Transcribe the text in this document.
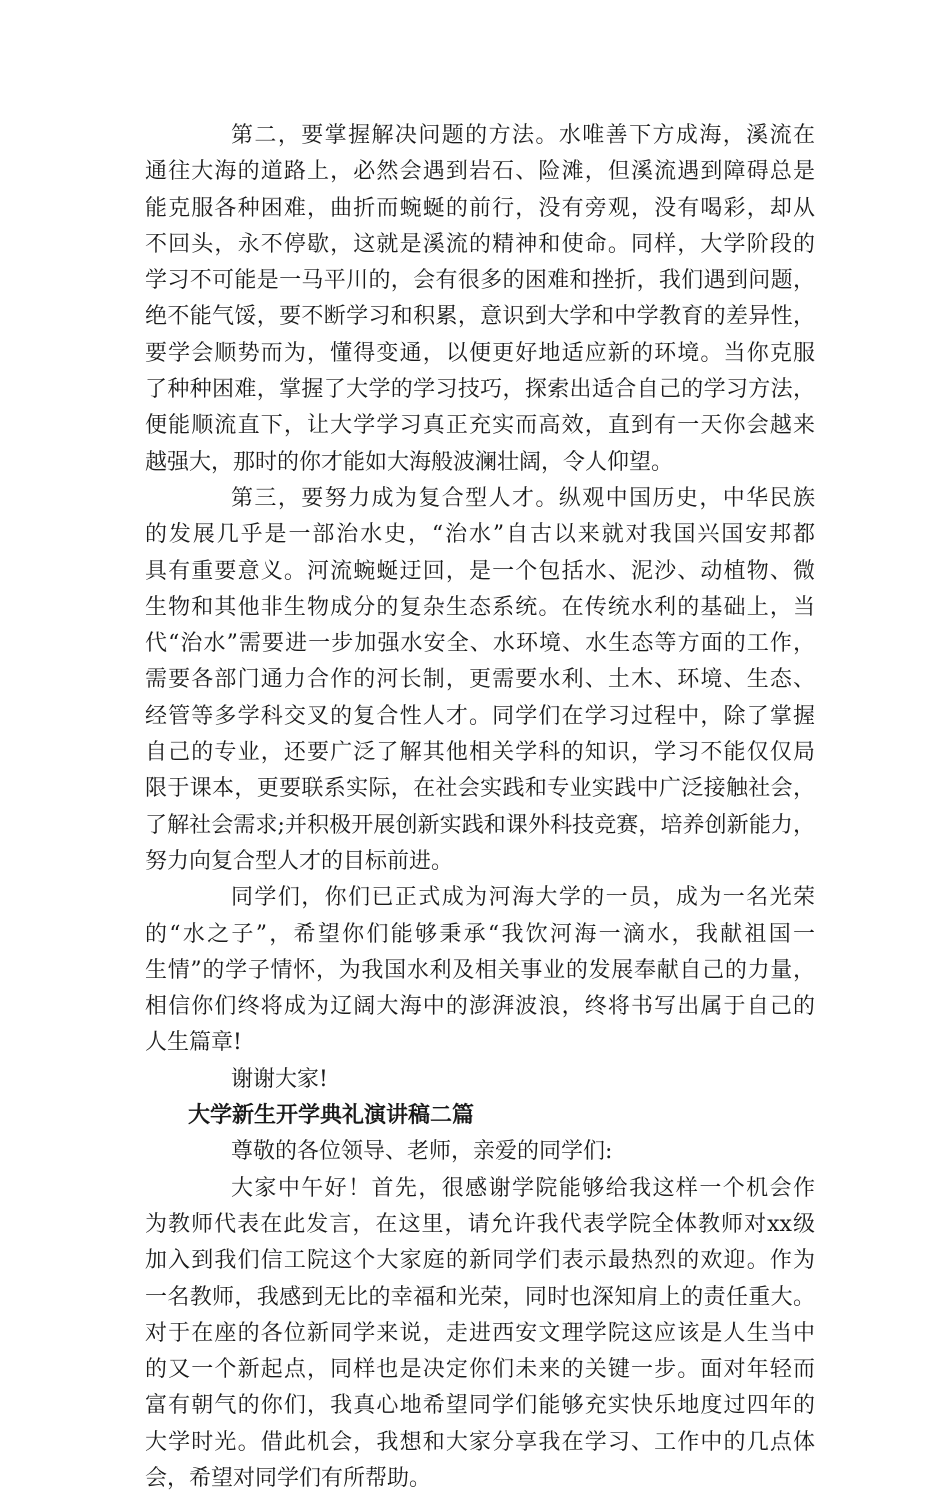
第二，要掌握解决问题的方法。水唯善下方成海，溪流在
通往大海的道路上，必然会遇到岩石、险滩，但溪流遇到障碍总是
能克服各种困难，曲折而蜿蜒的前行，没有旁观，没有喝彩，却从
不回头，永不停歇，这就是溪流的精神和使命。同样，大学阶段的
学习不可能是一马平川的，会有很多的困难和挫折，我们遇到问题，
绝不能气馁，要不断学习和积累，意识到大学和中学教育的差异性，
要学会顺势而为，懂得变通，以便更好地适应新的环境。当你克服
了种种困难，掌握了大学的学习技巧，探索出适合自己的学习方法，
便能顺流直下，让大学学习真正充实而高效，直到有一天你会越来
越强大，那时的你才能如大海般波澜壮阔，令人仰望。
第三，要努力成为复合型人才。纵观中国历史，中华民族
的发展几乎是一部治水史，“治水”自古以来就对我国兴国安邦都
具有重要意义。河流蜿蜒迂回，是一个包括水、泥沙、动植物、微
生物和其他非生物成分的复杂生态系统。在传统水利的基础上，当
代“治水”需要进一步加强水安全、水环境、水生态等方面的工作，
需要各部门通力合作的河长制，更需要水利、土木、环境、生态、
经管等多学科交叉的复合性人才。同学们在学习过程中，除了掌握
自己的专业，还要广泛了解其他相关学科的知识，学习不能仅仅局
限于课本，更要联系实际，在社会实践和专业实践中广泛接触社会，
了解社会需求;并积极开展创新实践和课外科技竞赛，培养创新能力，
努力向复合型人才的目标前进。
同学们，你们已正式成为河海大学的一员，成为一名光荣
的“水之子”，希望你们能够秉承“我饮河海一滴水，我献祖国一
生情”的学子情怀，为我国水利及相关事业的发展奉献自己的力量，
相信你们终将成为辽阔大海中的澎湃波浪，终将书写出属于自己的
人生篇章!
谢谢大家!
大学新生开学典礼演讲稿二篇
尊敬的各位领导、老师，亲爱的同学们:
大家中午好！首先，很感谢学院能够给我这样一个机会作
为教师代表在此发言，在这里，请允许我代表学院全体教师对xx级
加入到我们信工院这个大家庭的新同学们表示最热烈的欢迎。作为
一名教师，我感到无比的幸福和光荣，同时也深知肩上的责任重大。
对于在座的各位新同学来说，走进西安文理学院这应该是人生当中
的又一个新起点，同样也是决定你们未来的关键一步。面对年轻而
富有朝气的你们，我真心地希望同学们能够充实快乐地度过四年的
大学时光。借此机会，我想和大家分享我在学习、工作中的几点体
会，希望对同学们有所帮助。
